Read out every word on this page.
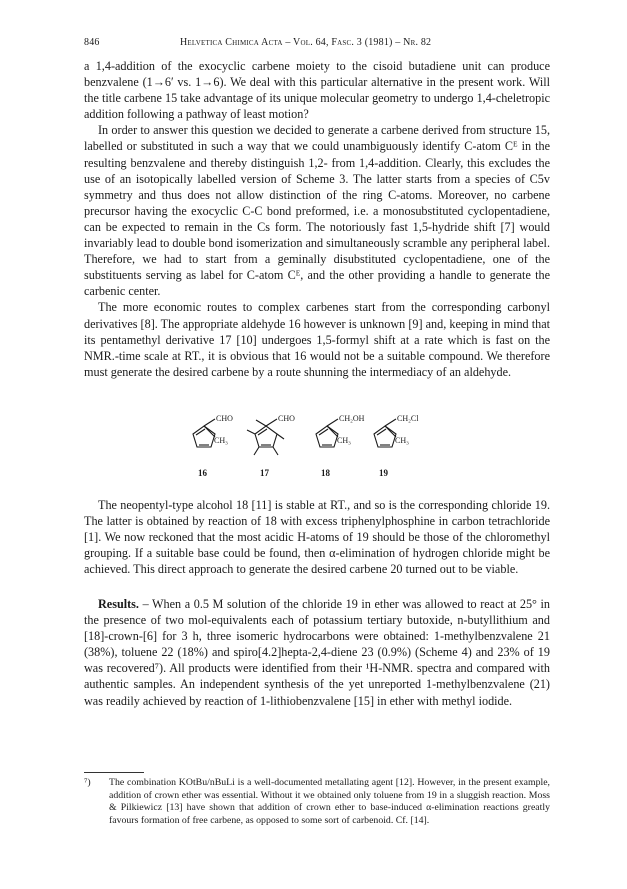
846	Helvetica Chimica Acta – Vol. 64, Fasc. 3 (1981) – Nr. 82

a 1,4-addition of the exocyclic carbene moiety to the cisoid butadiene unit can produce benzvalene (1→6′ vs. 1→6). We deal with this particular alternative in the present work. Will the title carbene 15 take advantage of its unique molecular geometry to undergo 1,4-cheletropic addition following a pathway of least motion?

In order to answer this question we decided to generate a carbene derived from structure 15, labelled or substituted in such a way that we could unambiguously identify C-atom Cᴱ in the resulting benzvalene and thereby distinguish 1,2- from 1,4-addition. Clearly, this excludes the use of an isotopically labelled version of Scheme 3. The latter starts from a species of C5v symmetry and thus does not allow distinction of the ring C-atoms. Moreover, no carbene precursor having the exocyclic C-C bond preformed, i.e. a monosubstituted cyclopentadiene, can be expected to remain in the Cs form. The notoriously fast 1,5-hydride shift [7] would invariably lead to double bond isomerization and simultaneously scramble any peripheral label. Therefore, we had to start from a geminally disubstituted cyclopentadiene, one of the substituents serving as label for C-atom Cᴱ, and the other providing a handle to generate the carbenic center.

The more economic routes to complex carbenes start from the corresponding carbonyl derivatives [8]. The appropriate aldehyde 16 however is unknown [9] and, keeping in mind that its pentamethyl derivative 17 [10] undergoes 1,5-formyl shift at a rate which is fast on the NMR.-time scale at RT., it is obvious that 16 would not be a suitable compound. We therefore must generate the desired carbene by a route shunning the intermediacy of an aldehyde.

CHO
CH₃
16
CHO
17
CH₂OH
CH₃
18
CH₂Cl
CH₃
19

The neopentyl-type alcohol 18 [11] is stable at RT., and so is the corresponding chloride 19. The latter is obtained by reaction of 18 with excess triphenylphosphine in carbon tetrachloride [1]. We now reckoned that the most acidic H-atoms of 19 should be those of the chloromethyl grouping. If a suitable base could be found, then α-elimination of hydrogen chloride might be achieved. This direct approach to generate the desired carbene 20 turned out to be viable.

Results. – When a 0.5 M solution of the chloride 19 in ether was allowed to react at 25° in the presence of two mol-equivalents each of potassium tertiary butoxide, n-butyllithium and [18]-crown-[6] for 3 h, three isomeric hydrocarbons were obtained: 1-methylbenzvalene 21 (38%), toluene 22 (18%) and spiro[4.2]hepta-2,4-diene 23 (0.9%) (Scheme 4) and 23% of 19 was recovered⁷). All products were identified from their ¹H-NMR. spectra and compared with authentic samples. An independent synthesis of the yet unreported 1-methylbenzvalene (21) was readily achieved by reaction of 1-lithiobenzvalene [15] in ether with methyl iodide.

⁷) The combination KOtBu/nBuLi is a well-documented metallating agent [12]. However, in the present example, addition of crown ether was essential. Without it we obtained only toluene from 19 in a sluggish reaction. Moss & Pilkiewicz [13] have shown that addition of crown ether to base-induced α-elimination reactions greatly favours formation of free carbene, as opposed to some sort of carbenoid. Cf. [14].
